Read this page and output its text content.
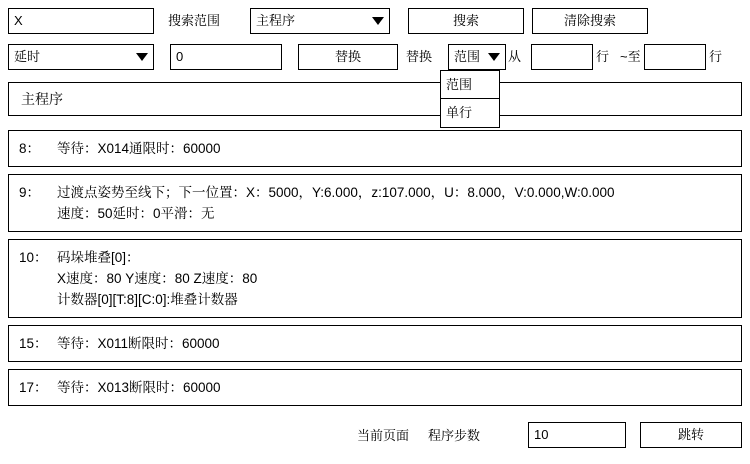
X	搜索范围	主程序	搜索	清除搜索
延时	0	替换	替换	范围	从	行 ~至	行
范围
单行
主程序
8：	等待：X014通限时：60000
9：	过渡点姿势至线下；下一位置：X：5000，Y:6.000，z:107.000，U：8.000，V:0.000,W:0.000
速度：50延时：0平滑：无
10： 码垛堆叠[0]：
X速度：80 Y速度：80 Z速度：80
计数器[0][T:8][C:0]:堆叠计数器
15： 等待：X011断限时：60000
17： 等待：X013断限时：60000
当前页面 程序步数	10	跳转
